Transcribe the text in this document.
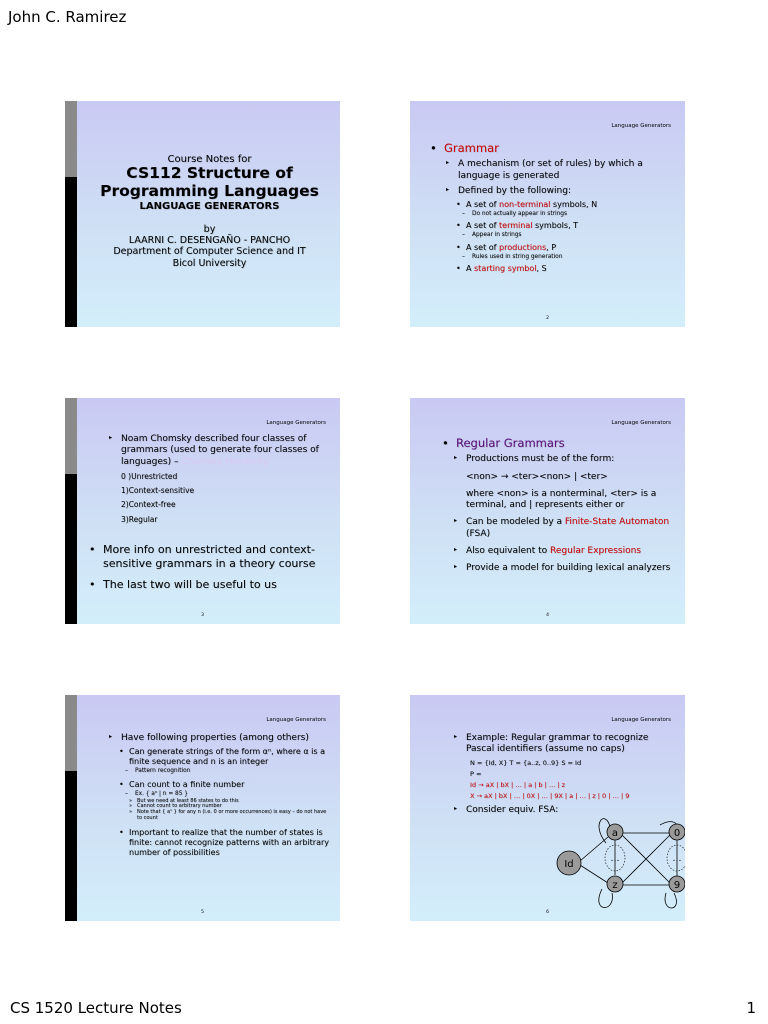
John C. Ramirez
Course Notes for
CS112 Structure of
Programming Languages
LANGUAGE GENERATORS
by
LAARNI C. DESENGAÑO - PANCHO
Department of Computer Science and IT
Bicol University
Language Generators
• Grammar
▸ A mechanism (or set of rules) by which a language is generated
▸ Defined by the following:
• A set of non-terminal symbols, N
– Do not actually appear in strings
• A set of terminal symbols, T
– Appear in strings
• A set of productions, P
– Rules used in string generation
• A starting symbol, S
2
Language Generators
▸ Noam Chomsky described four classes of grammars (used to generate four classes of languages) – Chomsky Hierarchy
0 )Unrestricted
1)Context-sensitive
2)Context-free
3)Regular
• More info on unrestricted and context-sensitive grammars in a theory course
• The last two will be useful to us
3
Language Generators
• Regular Grammars
▸ Productions must be of the form:
<non> → <ter><non> | <ter>
where <non> is a nonterminal, <ter> is a terminal, and | represents either or
▸ Can be modeled by a Finite-State Automaton (FSA)
▸ Also equivalent to Regular Expressions
▸ Provide a model for building lexical analyzers
4
Language Generators
▸ Have following properties (among others)
• Can generate strings of the form αⁿ, where α is a finite sequence and n is an integer
– Pattern recognition
• Can count to a finite number
– Ex. { aⁿ | n = 85 }
» But we need at least 86 states to do this
» Cannot count to arbitrary number
» Note that { aⁿ } for any n (i.e. 0 or more occurrences) is easy – do not have to count
• Important to realize that the number of states is finite: cannot recognize patterns with an arbitrary number of possibilities
5
Language Generators
▸ Example: Regular grammar to recognize Pascal identifiers (assume no caps)
N = {Id, X} T = {a..z, 0..9} S = Id
P =
Id → aX | bX | … | a | b | … | z
X → aX | bX | … | 0X | … | 9X | a | … | z | 0 | … | 9
▸ Consider equiv. FSA:
Id
a
z
0
9
…	…
6
CS 1520 Lecture Notes	1
